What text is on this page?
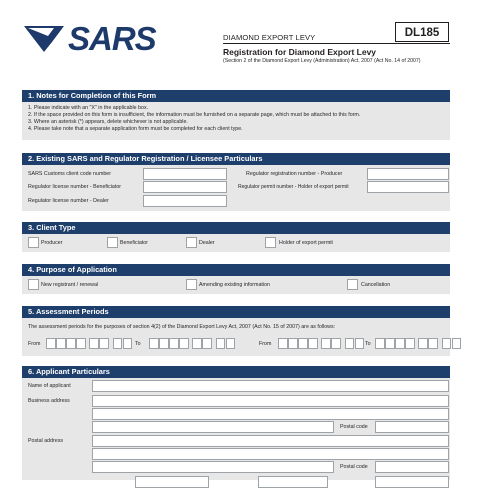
SARS	DIAMOND EXPORT LEVY	DL185
Registration for Diamond Export Levy
(Section 2 of the Diamond Export Levy (Administration) Act, 2007 (Act No. 14 of 2007)
1. Notes for Completion of this Form
1. Please indicate with an "X" in the applicable box.
2. If the space provided on this form is insufficient, the information must be furnished on a separate page, which must be attached to this form.
3. Where an asterisk (*) appears, delete whichever is not applicable.
4. Please take note that a separate application form must be completed for each client type.
2. Existing SARS and Regulator Registration / Licensee Particulars
SARS Customs client code number	Regulator registration number - Producer
Regulator license number - Beneficiator	Regulator permit number - Holder of export permit
Regulator license number - Dealer
3. Client Type
Producer	Beneficiator	Dealer	Holder of export permit
4. Purpose of Application
New registrant / renewal	Amending existing information	Cancellation
5. Assessment Periods
The assessment periods for the purposes of section 4(2) of the Diamond Export Levy Act, 2007 (Act No. 15 of 2007) are as follows:
From	To	From	To
6. Applicant Particulars
Name of applicant
Business address
Postal code
Postal address
Postal code
